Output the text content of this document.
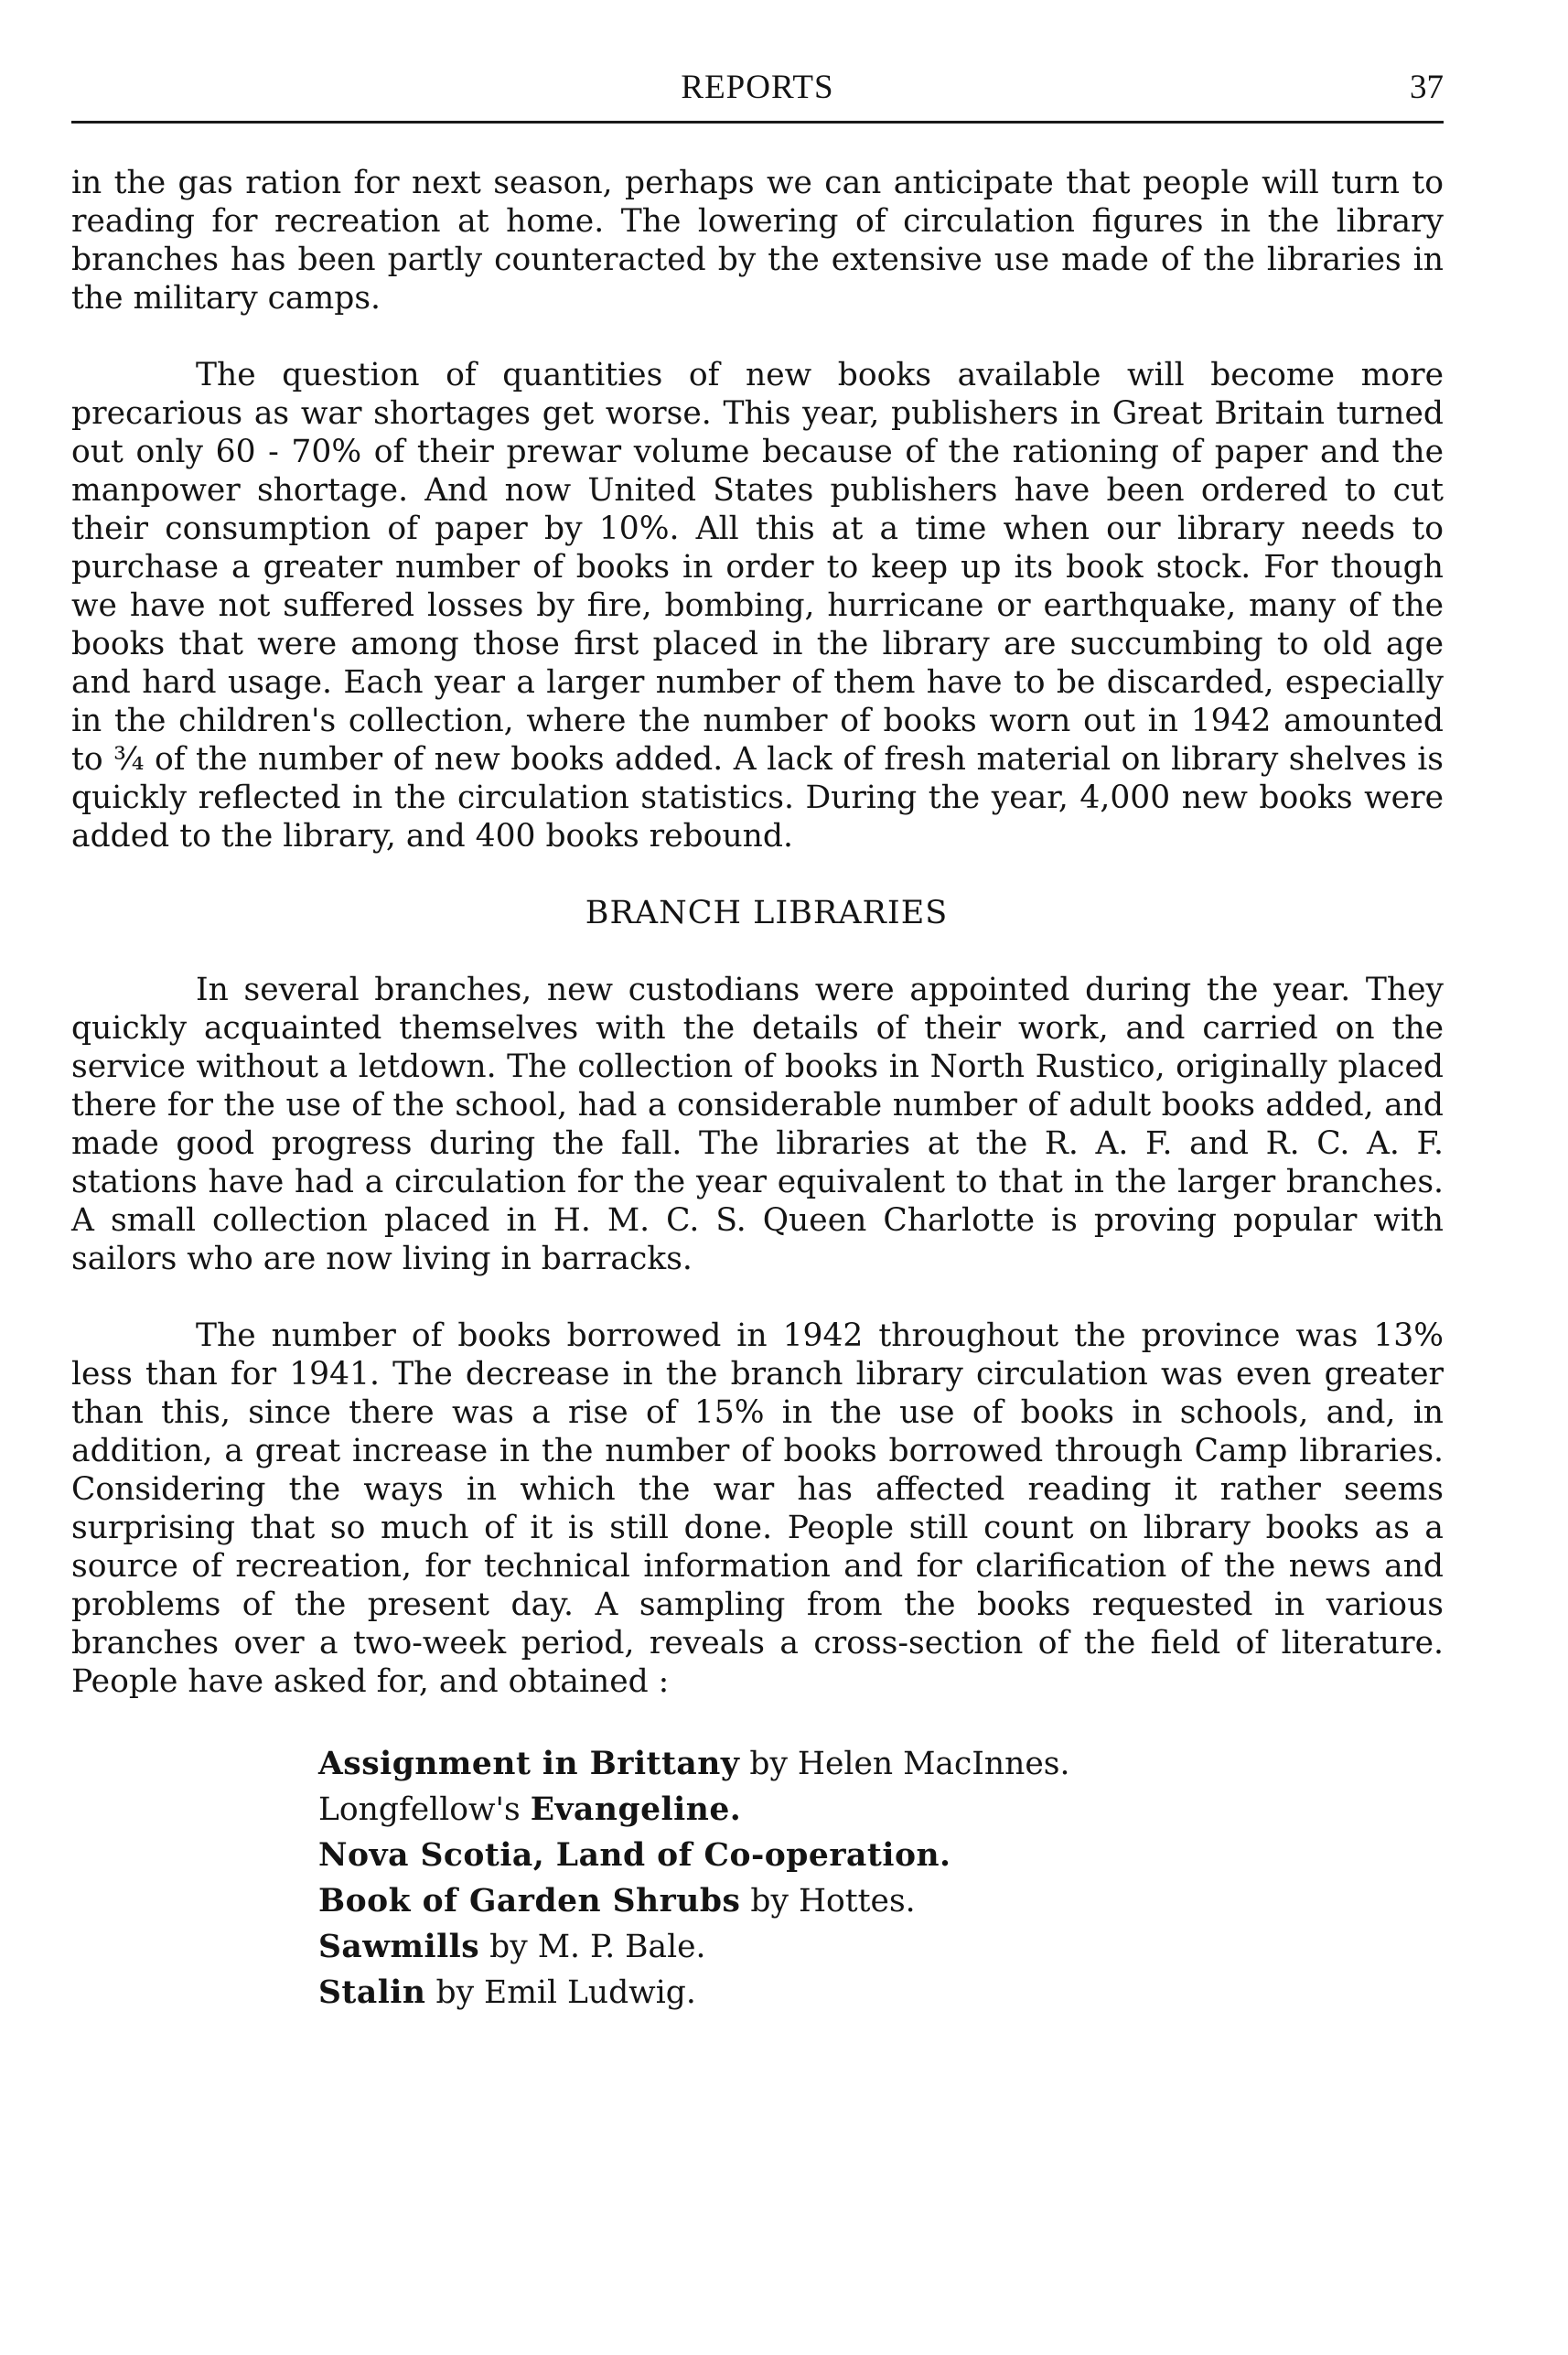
REPORTS	37

in the gas ration for next season, perhaps we can anticipate that people will turn to reading for recreation at home. The lowering of circulation figures in the library branches has been partly counteracted by the extensive use made of the libraries in the military camps.

The question of quantities of new books available will become more precarious as war shortages get worse. This year, publishers in Great Britain turned out only 60 - 70% of their prewar volume because of the rationing of paper and the manpower shortage. And now United States publishers have been ordered to cut their consumption of paper by 10%. All this at a time when our library needs to purchase a greater number of books in order to keep up its book stock. For though we have not suffered losses by fire, bombing, hurricane or earthquake, many of the books that were among those first placed in the library are succumbing to old age and hard usage. Each year a larger number of them have to be discarded, especially in the children's collection, where the number of books worn out in 1942 amounted to ¾ of the number of new books added. A lack of fresh material on library shelves is quickly reflected in the circulation statistics. During the year, 4,000 new books were added to the library, and 400 books rebound.

BRANCH LIBRARIES

In several branches, new custodians were appointed during the year. They quickly acquainted themselves with the details of their work, and carried on the service without a letdown. The collection of books in North Rustico, originally placed there for the use of the school, had a considerable number of adult books added, and made good progress during the fall. The libraries at the R. A. F. and R. C. A. F. stations have had a circulation for the year equivalent to that in the larger branches. A small collection placed in H. M. C. S. Queen Charlotte is proving popular with sailors who are now living in barracks.

The number of books borrowed in 1942 throughout the province was 13% less than for 1941. The decrease in the branch library circulation was even greater than this, since there was a rise of 15% in the use of books in schools, and, in addition, a great increase in the number of books borrowed through Camp libraries. Considering the ways in which the war has affected reading it rather seems surprising that so much of it is still done. People still count on library books as a source of recreation, for technical information and for clarification of the news and problems of the present day. A sampling from the books requested in various branches over a two-week period, reveals a cross-section of the field of literature. People have asked for, and obtained :

Assignment in Brittany by Helen MacInnes.
Longfellow's Evangeline.
Nova Scotia, Land of Co-operation.
Book of Garden Shrubs by Hottes.
Sawmills by M. P. Bale.
Stalin by Emil Ludwig.
